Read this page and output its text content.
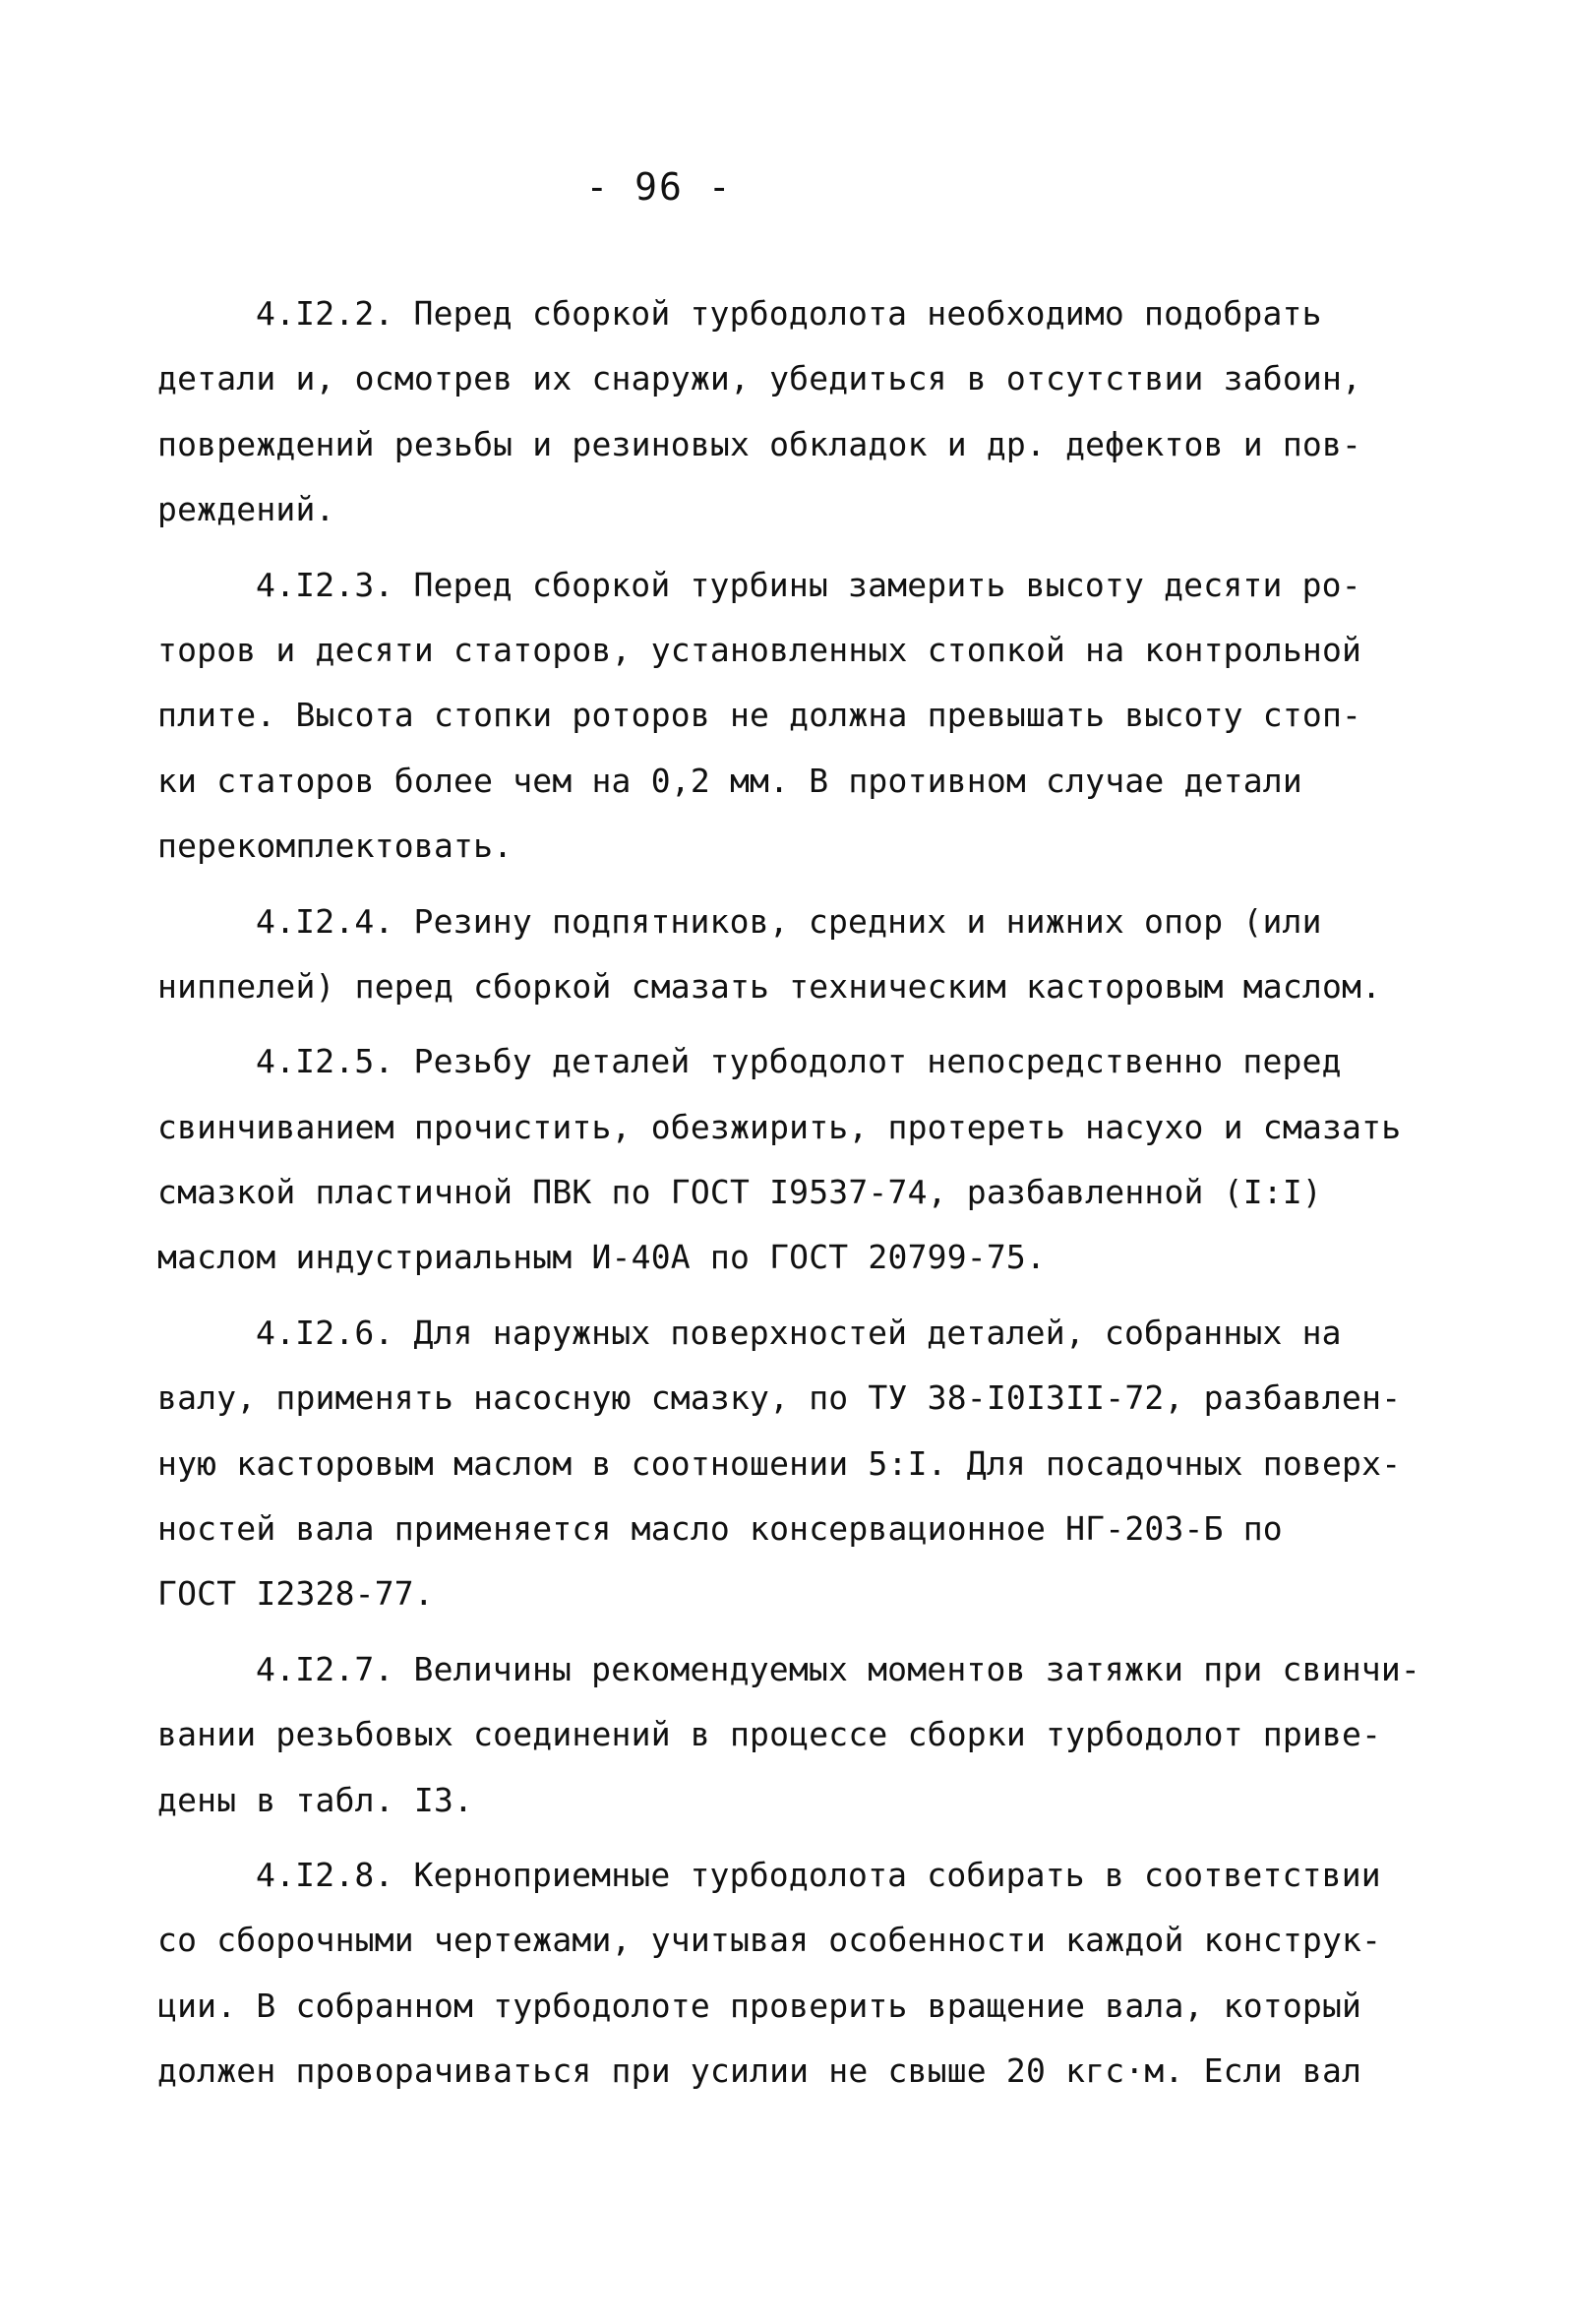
- 96 -
4.I2.2. Перед сборкой турбодолота необходимо подобрать
детали и, осмотрев их снаружи, убедиться в отсутствии забоин,
повреждений резьбы и резиновых обкладок и др. дефектов и пов-
реждений.
4.I2.3. Перед сборкой турбины замерить высоту десяти ро-
торов и десяти статоров, установленных стопкой на контрольной
плите. Высота стопки роторов не должна превышать высоту стоп-
ки статоров более чем на 0,2 мм. В противном случае детали
перекомплектовать.
4.I2.4. Резину подпятников, средних и нижних опор (или
ниппелей) перед сборкой смазать техническим касторовым маслом.
4.I2.5. Резьбу деталей турбодолот непосредственно перед
свинчиванием прочистить, обезжирить, протереть насухо и смазать
смазкой пластичной ПВК по ГОСТ I9537-74, разбавленной (I:I)
маслом индустриальным И-40А по ГОСТ 20799-75.
4.I2.6. Для наружных поверхностей деталей, собранных на
валу, применять насосную смазку, по ТУ 38-I0I3II-72, разбавлен-
ную касторовым маслом в соотношении 5:I. Для посадочных поверх-
ностей вала применяется масло консервационное НГ-203-Б по
ГОСТ I2328-77.
4.I2.7. Величины рекомендуемых моментов затяжки при свинчи-
вании резьбовых соединений в процессе сборки турбодолот приве-
дены в табл. I3.
4.I2.8. Керноприемные турбодолота собирать в соответствии
со сборочными чертежами, учитывая особенности каждой конструк-
ции. В собранном турбодолоте проверить вращение вала, который
должен проворачиваться при усилии не свыше 20 кгс·м. Если вал
